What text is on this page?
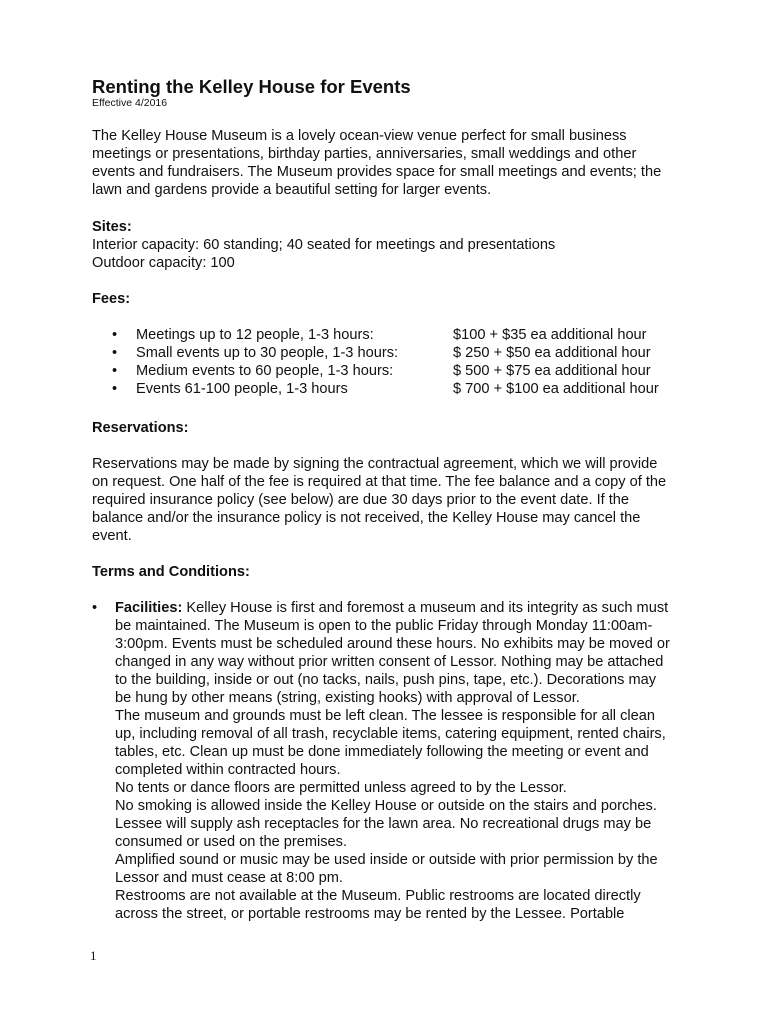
Renting the Kelley House for Events
Effective 4/2016

The Kelley House Museum is a lovely ocean-view venue perfect for small business

meetings or presentations, birthday parties, anniversaries, small weddings and other

events and fundraisers. The Museum provides space for small meetings and events; the

lawn and gardens provide a beautiful setting for larger events.

Sites:
Interior capacity: 60 standing; 40 seated for meetings and presentations
Outdoor capacity: 100
Fees:
• Meetings up to 12 people, 1-3 hours:	$100 + $35 ea additional hour
• Small events up to 30 people, 1-3 hours:	$ 250 + $50 ea additional hour
• Medium events to 60 people, 1-3 hours:	$ 500 + $75 ea additional hour
• Events 61-100 people, 1-3 hours	$ 700 + $100 ea additional hour
Reservations:

Reservations may be made by signing the contractual agreement, which we will provide

on request. One half of the fee is required at that time. The fee balance and a copy of the

required insurance policy (see below) are due 30 days prior to the event date. If the

balance and/or the insurance policy is not received, the Kelley House may cancel the

event.

Terms and Conditions:
• Facilities: Kelley House is first and foremost a museum and its integrity as such must

be maintained. The Museum is open to the public Friday through Monday 11:00am-

3:00pm. Events must be scheduled around these hours. No exhibits may be moved or

changed in any way without prior written consent of Lessor. Nothing may be attached

to the building, inside or out (no tacks, nails, push pins, tape, etc.). Decorations may

be hung by other means (string, existing hooks) with approval of Lessor.

The museum and grounds must be left clean. The lessee is responsible for all clean

up, including removal of all trash, recyclable items, catering equipment, rented chairs,

tables, etc. Clean up must be done immediately following the meeting or event and

completed within contracted hours.

No tents or dance floors are permitted unless agreed to by the Lessor.

No smoking is allowed inside the Kelley House or outside on the stairs and porches.

Lessee will supply ash receptacles for the lawn area. No recreational drugs may be

consumed or used on the premises.

Amplified sound or music may be used inside or outside with prior permission by the

Lessor and must cease at 8:00 pm.

Restrooms are not available at the Museum. Public restrooms are located directly

across the street, or portable restrooms may be rented by the Lessee. Portable

1
